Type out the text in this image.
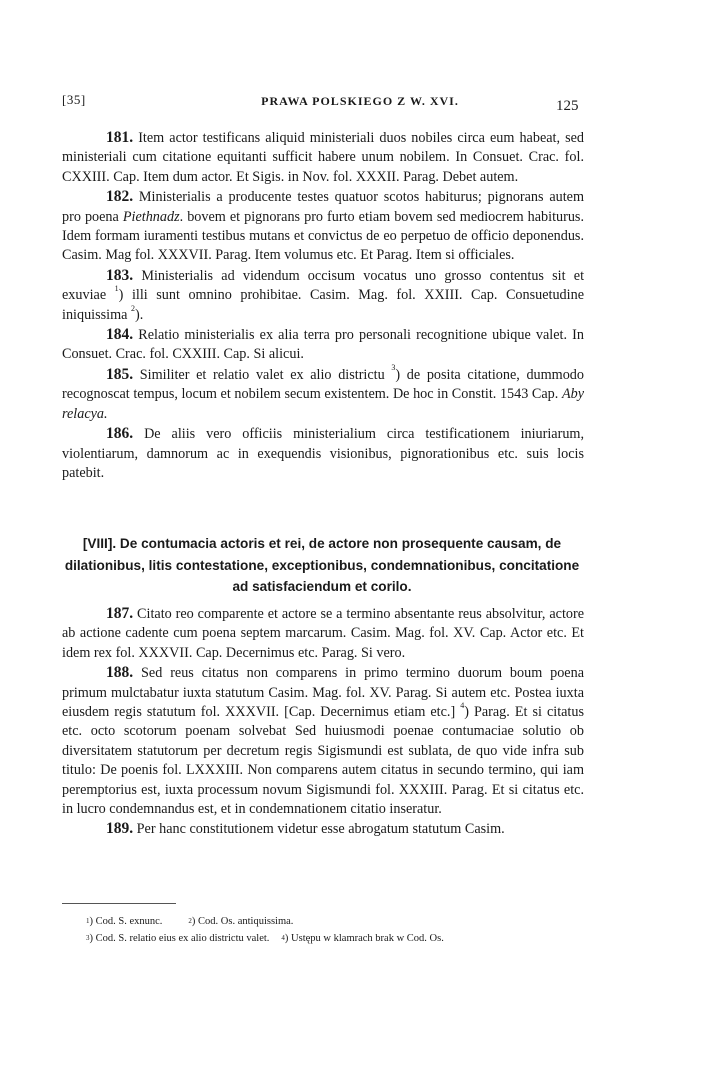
[35]	PRAWA POLSKIEGO Z W. XVI.	125

181. Item actor testificans aliquid ministeriali duos nobiles circa eum habeat, sed ministeriali cum citatione equitanti sufficit habere unum nobilem. In Consuet. Crac. fol. CXXIII. Cap. Item dum actor. Et Sigis. in Nov. fol. XXXII. Parag. Debet autem.

182. Ministerialis a producente testes quatuor scotos habiturus; pignorans autem pro poena Piethnadz. bovem et pignorans pro furto etiam bovem sed mediocrem habiturus. Idem formam iuramenti testibus mutans et convictus de eo perpetuo de officio deponendus. Casim. Mag fol. XXXVII. Parag. Item volumus etc. Et Parag. Item si officiales.

183. Ministerialis ad videndum occisum vocatus uno grosso contentus sit et exuviae $^1$) illi sunt omnino prohibitae. Casim. Mag. fol. XXIII. Cap. Consuetudine iniquissima $^2$).

184. Relatio ministerialis ex alia terra pro personali recognitione ubique valet. In Consuet. Crac. fol. CXXIII. Cap. Si alicui.

185. Similiter et relatio valet ex alio districtu $^3$) de posita citatione, dummodo recognoscat tempus, locum et nobilem secum existentem. De hoc in Constit. 1543 Cap. Aby relacya.

186. De aliis vero officiis ministerialium circa testificationem iniuriarum, violentiarum, damnorum ac in exequendis visionibus, pignorationibus etc. suis locis patebit.

[VIII]. De contumacia actoris et rei, de actore non prosequente causam, de dilationibus, litis contestatione, exceptionibus, condemnationibus, concitatione ad satisfaciendum et corilo.

187. Citato reo comparente et actore se a termino absentante reus absolvitur, actore ab actione cadente cum poena septem marcarum. Casim. Mag. fol. XV. Cap. Actor etc. Et idem rex fol. XXXVII. Cap. Decernimus etc. Parag. Si vero.

188. Sed reus citatus non comparens in primo termino duorum boum poena primum mulctabatur iuxta statutum Casim. Mag. fol. XV. Parag. Si autem etc. Postea iuxta eiusdem regis statutum fol. XXXVII. [Cap. Decernimus etiam etc.] $^4$) Parag. Et si citatus etc. octo scotorum poenam solvebat Sed huiusmodi poenae contumaciae solutio ob diversitatem statutorum per decretum regis Sigismundi est sublata, de quo vide infra sub titulo: De poenis fol. LXXXIII. Non comparens autem citatus in secundo termino, qui iam peremptorius est, iuxta processum novum Sigismundi fol. XXXIII. Parag. Et si citatus etc. in lucro condemnandus est, et in condemnationem citatio inseratur.

189. Per hanc constitutionem videtur esse abrogatum statutum Casim.

$^1$) Cod. S. exnunc.	$^2$) Cod. Os. antiquissima.
$^3$) Cod. S. relatio eius ex alio districtu valet. $^4$) Ustępu w klamrach brak w Cod. Os.
